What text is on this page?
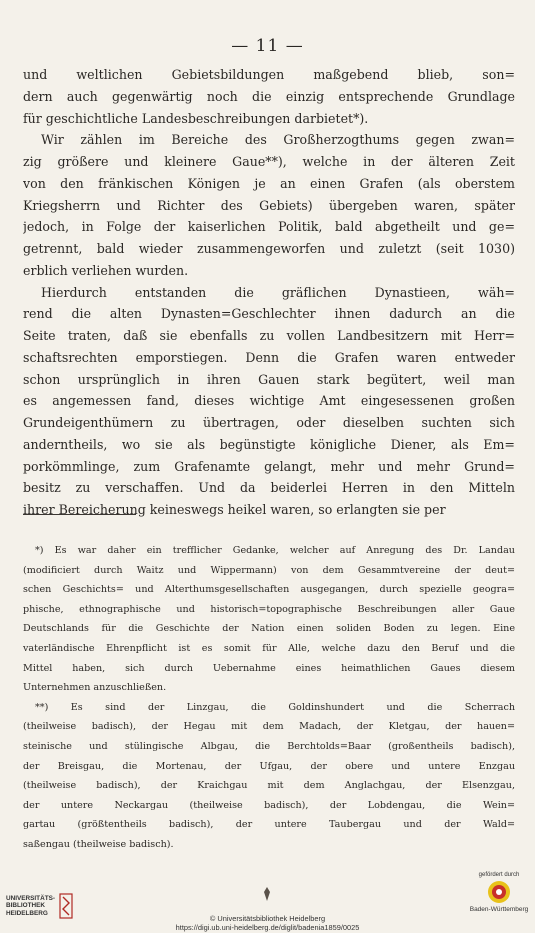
— 11 —
und weltlichen Gebietsbildungen maßgebend blieb, son=
dern auch gegenwärtig noch die einzig entsprechende Grundlage
für geschichtliche Landesbeschreibungen darbietet*).
Wir zählen im Bereiche des Großherzogthums gegen zwan=
zig größere und kleinere Gaue**), welche in der älteren Zeit
von den fränkischen Königen je an einen Grafen (als oberstem
Kriegsherrn und Richter des Gebiets) übergeben waren, später
jedoch, in Folge der kaiserlichen Politik, bald abgetheilt und ge=
getrennt, bald wieder zusammengeworfen und zuletzt (seit 1030)
erblich verliehen wurden.
Hierdurch entstanden die gräflichen Dynastieen, wäh=
rend die alten Dynasten=Geschlechter ihnen dadurch an die
Seite traten, daß sie ebenfalls zu vollen Landbesitzern mit Herr=
schaftsrechten emporstiegen. Denn die Grafen waren entweder
schon ursprünglich in ihren Gauen stark begütert, weil man
es angemessen fand, dieses wichtige Amt eingesessenen großen
Grundeigenthümern zu übertragen, oder dieselben suchten sich
anderntheils, wo sie als begünstigte königliche Diener, als Em=
porkömmlinge, zum Grafenamte gelangt, mehr und mehr Grund=
besitz zu verschaffen. Und da beiderlei Herren in den Mitteln
ihrer Bereicherung keineswegs heikel waren, so erlangten sie per
*) Es war daher ein trefflicher Gedanke, welcher auf Anregung des Dr. Landau
(modificiert durch Waitz und Wippermann) von dem Gesammtvereine der deut=
schen Geschichts= und Alterthumsgesellschaften ausgegangen, durch spezielle geogra=
phische, ethnographische und historisch=topographische Beschreibungen aller Gaue
Deutschlands für die Geschichte der Nation einen soliden Boden zu legen. Eine
vaterländische Ehrenpflicht ist es somit für Alle, welche dazu den Beruf und die
Mittel haben, sich durch Uebernahme eines heimathlichen Gaues diesem
Unternehmen anzuschließen.
**) Es sind der Linzgau, die Goldinshundert und die Scherrach
(theilweise badisch), der Hegau mit dem Madach, der Kletgau, der hauen=
steinische und stülingische Albgau, die Berchtolds=Baar (großentheils badisch),
der Breisgau, die Mortenau, der Ufgau, der obere und untere Enzgau
(theilweise badisch), der Kraichgau mit dem Anglachgau, der Elsenzgau,
der untere Neckargau (theilweise badisch), der Lobdengau, die Wein=
gartau (größtentheils badisch), der untere Taubergau und der Wald=
saßengau (theilweise badisch).
UNIVERSITÄTS-
BIBLIOTHEK
HEIDELBERG
© Universitätsbibliothek Heidelberg
https://digi.ub.uni-heidelberg.de/diglit/badenia1859/0025
gefördert durch
Baden-Württemberg
